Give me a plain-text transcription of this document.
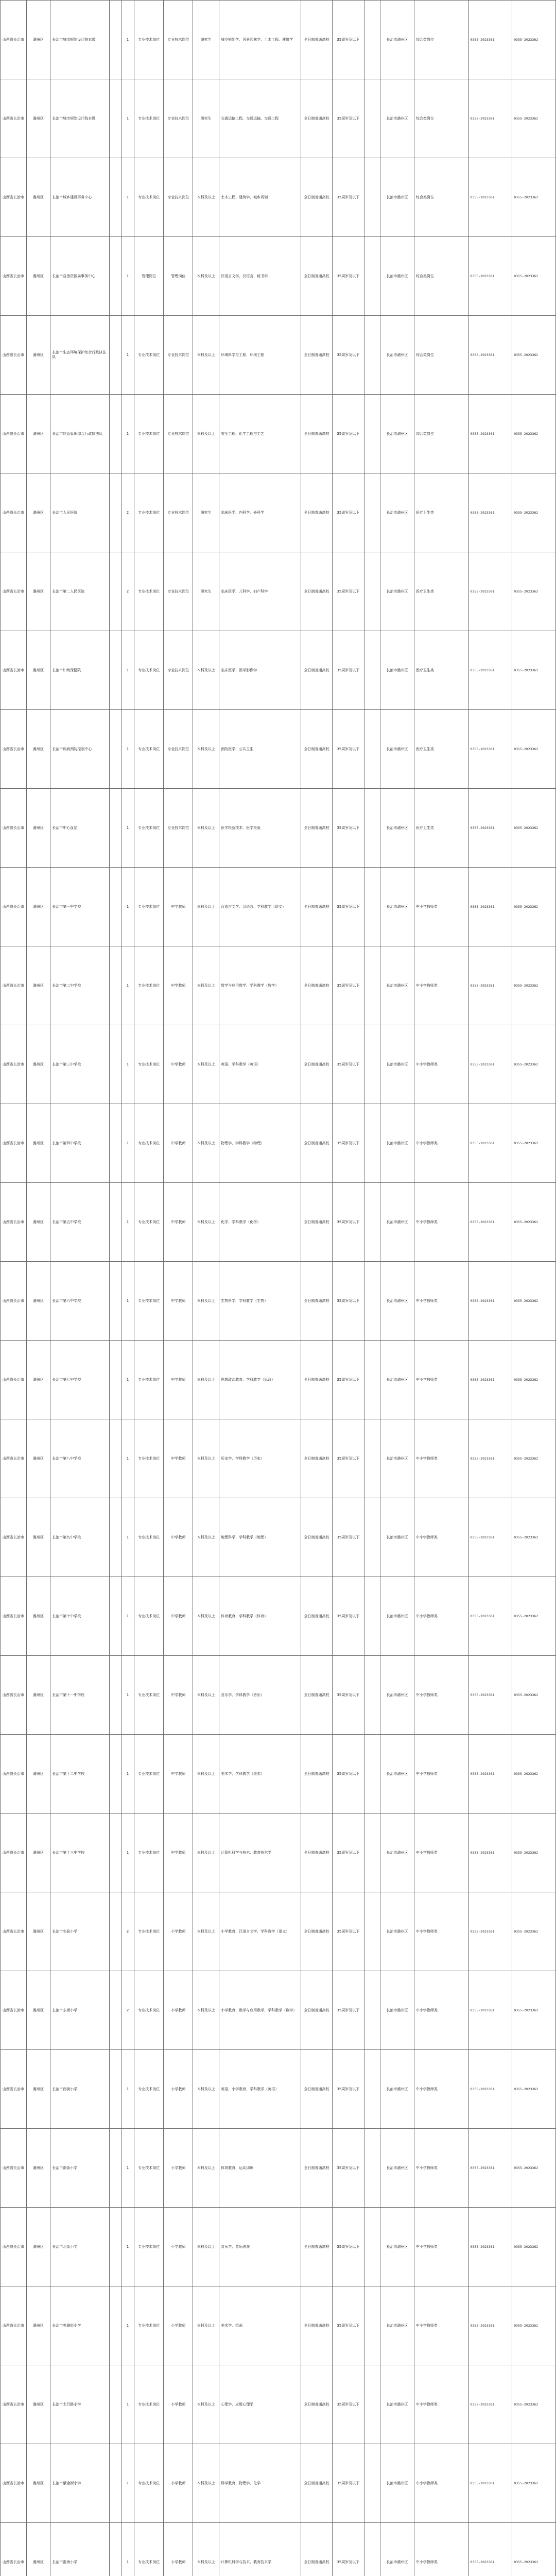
山西省长治市	潞州区	长治市城市规划设计院本级		1	专业技术岗位	专业技术岗位	研究生	城乡规划学、风景园林学、土木工程、建筑学	全日制普通高校	35周岁及以下		长治市潞州区	综合类岗位	0355-2023361	0355-2023362
山西省长治市	潞州区	长治市城市规划设计院本级		1	专业技术岗位	专业技术岗位	研究生	交通运输工程、交通运输、交通工程	全日制普通高校	35周岁及以下		长治市潞州区	综合类岗位	0355-2023361	0355-2023362
山西省长治市	潞州区	长治市城乡建设事务中心		1	专业技术岗位	专业技术岗位	本科及以上	土木工程、建筑学、城乡规划	全日制普通高校	35周岁及以下		长治市潞州区	综合类岗位	0355-2023361	0355-2023362
山西省长治市	潞州区	长治市自然资源局事务中心		1	管理岗位	管理岗位	本科及以上	汉语言文学、汉语言、秘书学	全日制普通高校	35周岁及以下		长治市潞州区	综合类岗位	0355-2023361	0355-2023362
山西省长治市	潞州区	长治市生态环境保护综合行政执法队		1	专业技术岗位	专业技术岗位	本科及以上	环境科学与工程、环境工程	全日制普通高校	35周岁及以下		长治市潞州区	综合类岗位	0355-2023361	0355-2023362
山西省长治市	潞州区	长治市应急管理综合行政执法队		1	专业技术岗位	专业技术岗位	本科及以上	安全工程、化学工程与工艺	全日制普通高校	35周岁及以下		长治市潞州区	综合类岗位	0355-2023361	0355-2023362
山西省长治市	潞州区	长治市人民医院		2	专业技术岗位	专业技术岗位	研究生	临床医学、内科学、外科学	全日制普通高校	35周岁及以下		长治市潞州区	医疗卫生类	0355-2023361	0355-2023362
山西省长治市	潞州区	长治市第二人民医院		2	专业技术岗位	专业技术岗位	研究生	临床医学、儿科学、妇产科学	全日制普通高校	35周岁及以下		长治市潞州区	医疗卫生类	0355-2023361	0355-2023362
山西省长治市	潞州区	长治市妇幼保健院		1	专业技术岗位	专业技术岗位	本科及以上	临床医学、医学影像学	全日制普通高校	35周岁及以下		长治市潞州区	医疗卫生类	0355-2023361	0355-2023362
山西省长治市	潞州区	长治市疾病预防控制中心		1	专业技术岗位	专业技术岗位	本科及以上	预防医学、公共卫生	全日制普通高校	35周岁及以下		长治市潞州区	医疗卫生类	0355-2023361	0355-2023362
山西省长治市	潞州区	长治市中心血站		1	专业技术岗位	专业技术岗位	本科及以上	医学检验技术、医学检验	全日制普通高校	35周岁及以下		长治市潞州区	医疗卫生类	0355-2023361	0355-2023362
山西省长治市	潞州区	长治市第一中学校		1	专业技术岗位	中学教师	本科及以上	汉语言文学、汉语言、学科教学（语文）	全日制普通高校	35周岁及以下		长治市潞州区	中小学教师类	0355-2023361	0355-2023362
山西省长治市	潞州区	长治市第二中学校		1	专业技术岗位	中学教师	本科及以上	数学与应用数学、学科教学（数学）	全日制普通高校	35周岁及以下		长治市潞州区	中小学教师类	0355-2023361	0355-2023362
山西省长治市	潞州区	长治市第三中学校		1	专业技术岗位	中学教师	本科及以上	英语、学科教学（英语）	全日制普通高校	35周岁及以下		长治市潞州区	中小学教师类	0355-2023361	0355-2023362
山西省长治市	潞州区	长治市第四中学校		1	专业技术岗位	中学教师	本科及以上	物理学、学科教学（物理）	全日制普通高校	35周岁及以下		长治市潞州区	中小学教师类	0355-2023361	0355-2023362
山西省长治市	潞州区	长治市第五中学校		1	专业技术岗位	中学教师	本科及以上	化学、学科教学（化学）	全日制普通高校	35周岁及以下		长治市潞州区	中小学教师类	0355-2023361	0355-2023362
山西省长治市	潞州区	长治市第六中学校		1	专业技术岗位	中学教师	本科及以上	生物科学、学科教学（生物）	全日制普通高校	35周岁及以下		长治市潞州区	中小学教师类	0355-2023361	0355-2023362
山西省长治市	潞州区	长治市第七中学校		1	专业技术岗位	中学教师	本科及以上	思想政治教育、学科教学（思政）	全日制普通高校	35周岁及以下		长治市潞州区	中小学教师类	0355-2023361	0355-2023362
山西省长治市	潞州区	长治市第八中学校		1	专业技术岗位	中学教师	本科及以上	历史学、学科教学（历史）	全日制普通高校	35周岁及以下		长治市潞州区	中小学教师类	0355-2023361	0355-2023362
山西省长治市	潞州区	长治市第九中学校		1	专业技术岗位	中学教师	本科及以上	地理科学、学科教学（地理）	全日制普通高校	35周岁及以下		长治市潞州区	中小学教师类	0355-2023361	0355-2023362
山西省长治市	潞州区	长治市第十中学校		1	专业技术岗位	中学教师	本科及以上	体育教育、学科教学（体育）	全日制普通高校	35周岁及以下		长治市潞州区	中小学教师类	0355-2023361	0355-2023362
山西省长治市	潞州区	长治市第十一中学校		1	专业技术岗位	中学教师	本科及以上	音乐学、学科教学（音乐）	全日制普通高校	35周岁及以下		长治市潞州区	中小学教师类	0355-2023361	0355-2023362
山西省长治市	潞州区	长治市第十二中学校		1	专业技术岗位	中学教师	本科及以上	美术学、学科教学（美术）	全日制普通高校	35周岁及以下		长治市潞州区	中小学教师类	0355-2023361	0355-2023362
山西省长治市	潞州区	长治市第十三中学校		1	专业技术岗位	中学教师	本科及以上	计算机科学与技术、教育技术学	全日制普通高校	35周岁及以下		长治市潞州区	中小学教师类	0355-2023361	0355-2023362
山西省长治市	潞州区	长治市实验小学		2	专业技术岗位	小学教师	本科及以上	小学教育、汉语言文学、学科教学（语文）	全日制普通高校	35周岁及以下		长治市潞州区	中小学教师类	0355-2023361	0355-2023362
山西省长治市	潞州区	长治市东街小学		2	专业技术岗位	小学教师	本科及以上	小学教育、数学与应用数学、学科教学（数学）	全日制普通高校	35周岁及以下		长治市潞州区	中小学教师类	0355-2023361	0355-2023362
山西省长治市	潞州区	长治市西街小学		1	专业技术岗位	小学教师	本科及以上	英语、小学教育、学科教学（英语）	全日制普通高校	35周岁及以下		长治市潞州区	中小学教师类	0355-2023361	0355-2023362
山西省长治市	潞州区	长治市南街小学		1	专业技术岗位	小学教师	本科及以上	体育教育、运动训练	全日制普通高校	35周岁及以下		长治市潞州区	中小学教师类	0355-2023361	0355-2023362
山西省长治市	潞州区	长治市北街小学		1	专业技术岗位	小学教师	本科及以上	音乐学、音乐表演	全日制普通高校	35周岁及以下		长治市潞州区	中小学教师类	0355-2023361	0355-2023362
山西省长治市	潞州区	长治市英雄街小学		1	专业技术岗位	小学教师	本科及以上	美术学、绘画	全日制普通高校	35周岁及以下		长治市潞州区	中小学教师类	0355-2023361	0355-2023362
山西省长治市	潞州区	长治市太行路小学		1	专业技术岗位	小学教师	本科及以上	心理学、应用心理学	全日制普通高校	35周岁及以下		长治市潞州区	中小学教师类	0355-2023361	0355-2023362
山西省长治市	潞州区	长治市紫金街小学		1	专业技术岗位	小学教师	本科及以上	科学教育、物理学、化学	全日制普通高校	35周岁及以下		长治市潞州区	中小学教师类	0355-2023361	0355-2023362
山西省长治市	潞州区	长治市淮海小学		1	专业技术岗位	小学教师	本科及以上	计算机科学与技术、教育技术学	全日制普通高校	35周岁及以下		长治市潞州区	中小学教师类	0355-2023361	0355-2023362
